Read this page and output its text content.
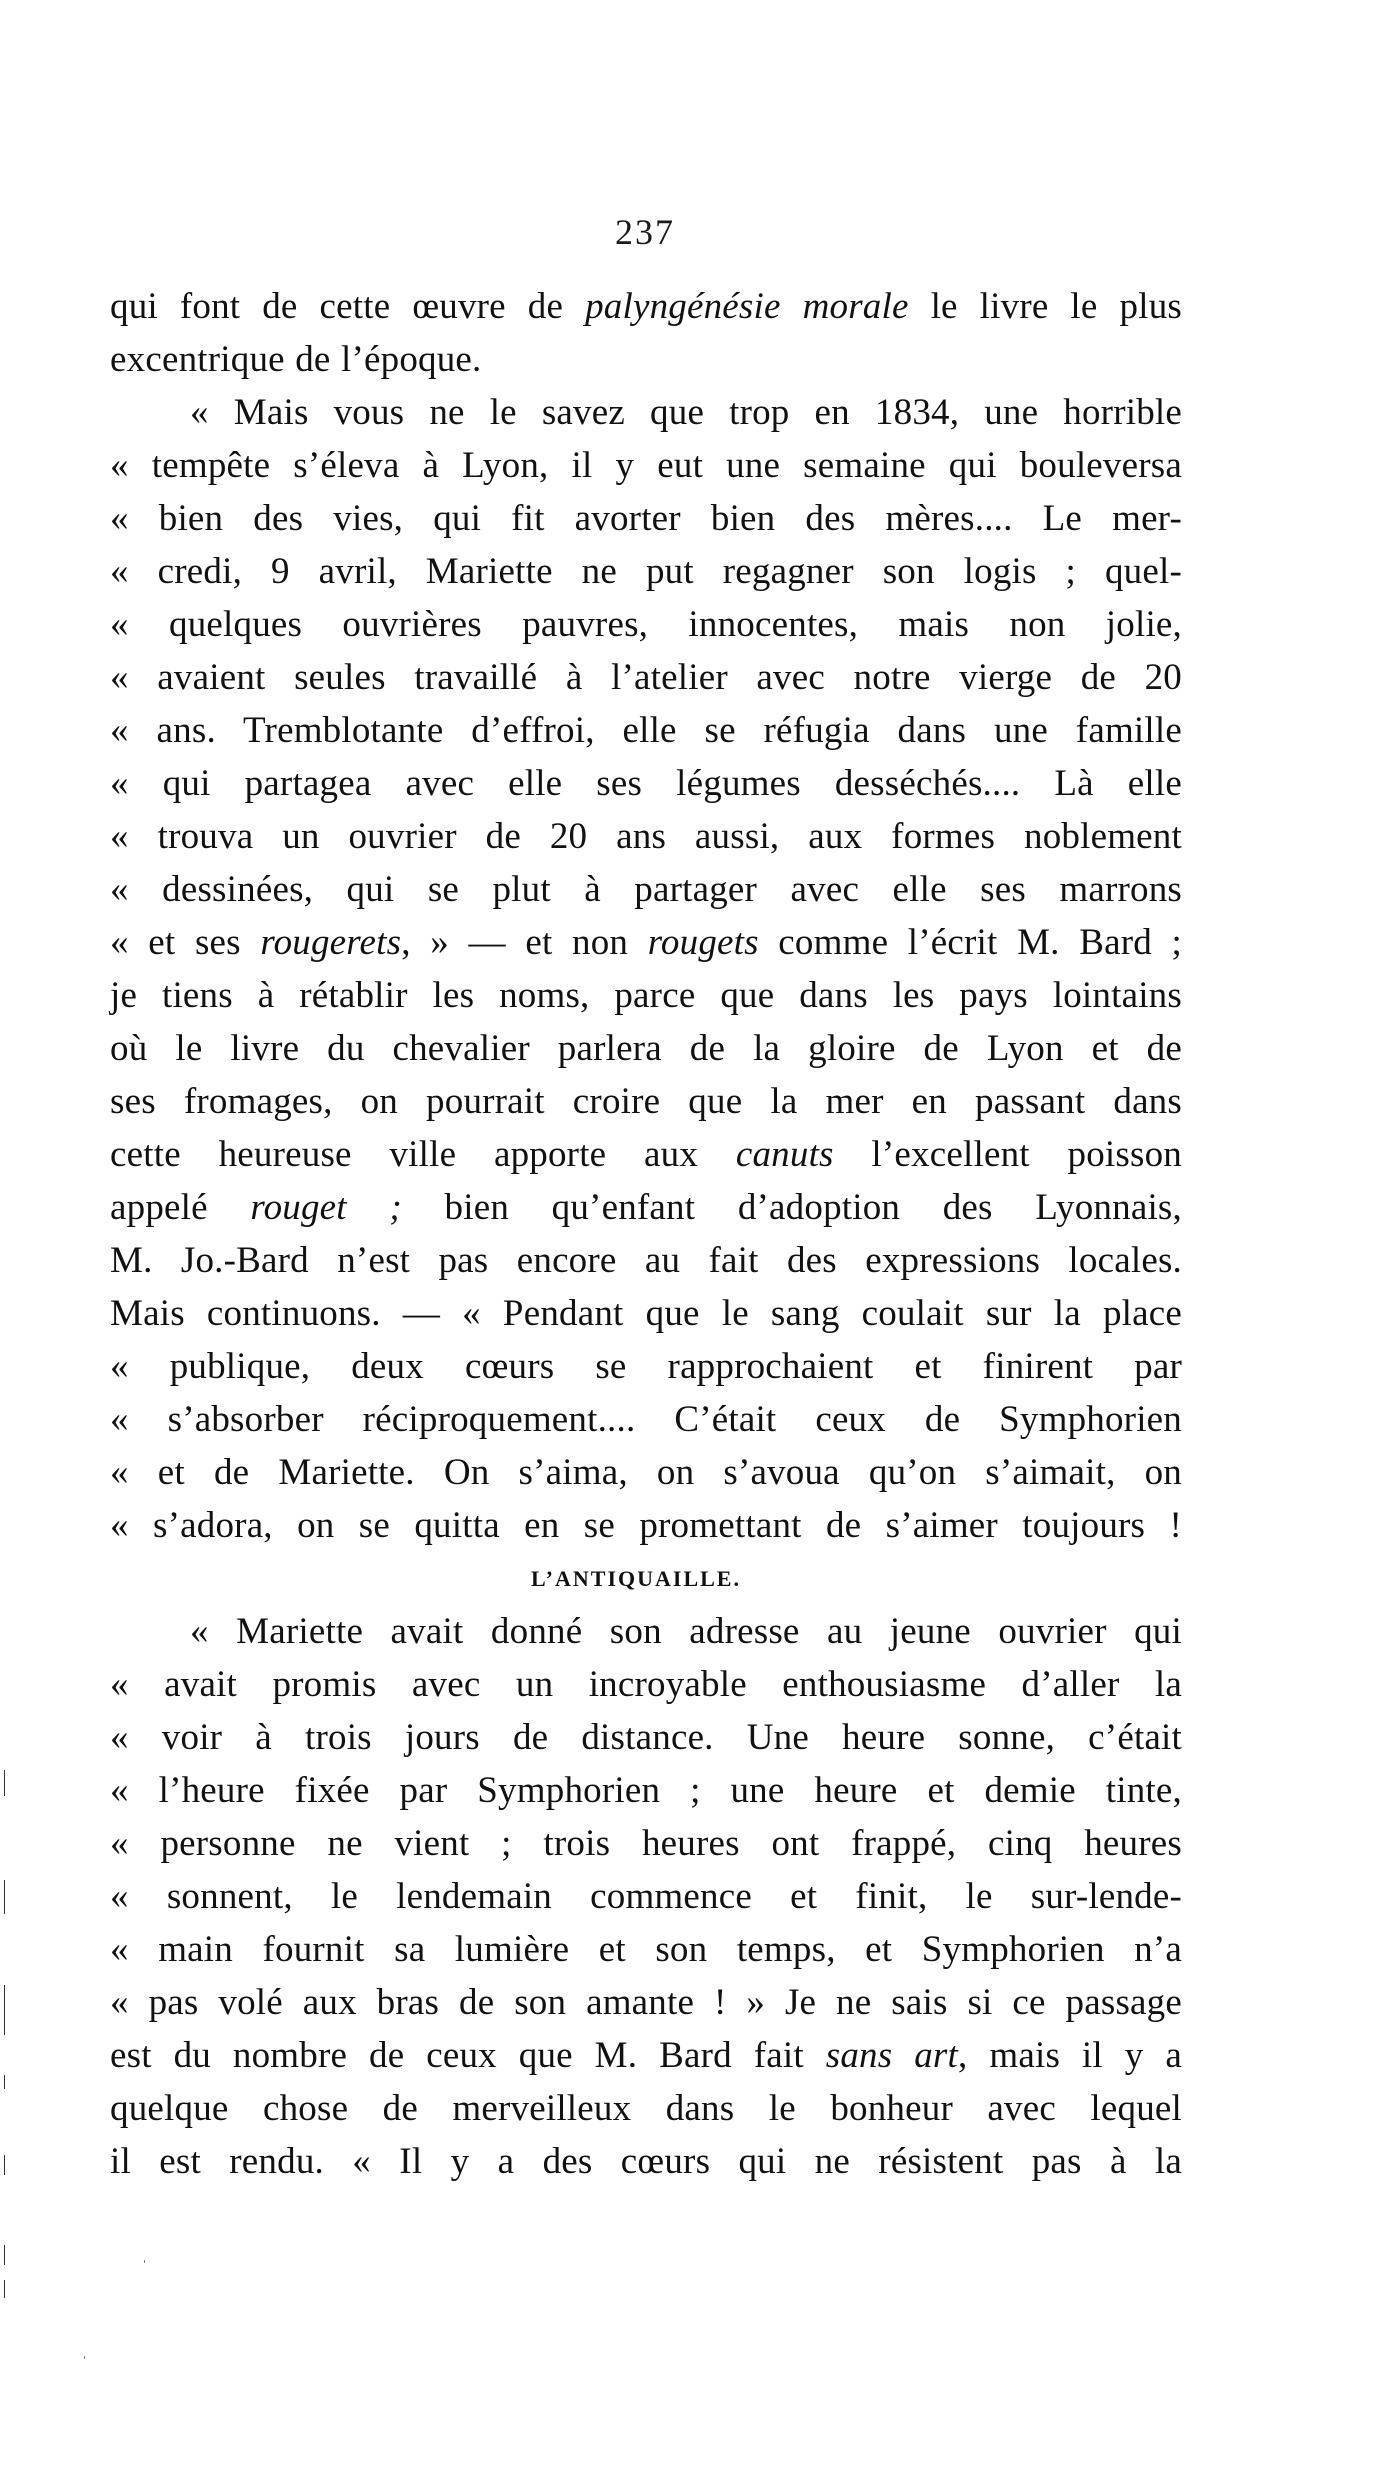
237
qui font de cette œuvre de palyngénésie morale le livre le plus
excentrique de l’époque.
« Mais vous ne le savez que trop en 1834, une horrible
« tempête s’éleva à Lyon, il y eut une semaine qui bouleversa
« bien des vies, qui fit avorter bien des mères.... Le mer-
« credi, 9 avril, Mariette ne put regagner son logis ; quel-
« quelques ouvrières pauvres, innocentes, mais non jolie,
« avaient seules travaillé à l’atelier avec notre vierge de 20
« ans. Tremblotante d’effroi, elle se réfugia dans une famille
« qui partagea avec elle ses légumes desséchés.... Là elle
« trouva un ouvrier de 20 ans aussi, aux formes noblement
« dessinées, qui se plut à partager avec elle ses marrons
« et ses rougerets, » — et non rougets comme l’écrit M. Bard ;
je tiens à rétablir les noms, parce que dans les pays lointains
où le livre du chevalier parlera de la gloire de Lyon et de
ses fromages, on pourrait croire que la mer en passant dans
cette heureuse ville apporte aux canuts l’excellent poisson
appelé rouget ; bien qu’enfant d’adoption des Lyonnais,
M. Jo.-Bard n’est pas encore au fait des expressions locales.
Mais continuons. — « Pendant que le sang coulait sur la place
« publique, deux cœurs se rapprochaient et finirent par
« s’absorber réciproquement.... C’était ceux de Symphorien
« et de Mariette. On s’aima, on s’avoua qu’on s’aimait, on
« s’adora, on se quitta en se promettant de s’aimer toujours !
L’ANTIQUAILLE.
« Mariette avait donné son adresse au jeune ouvrier qui
« avait promis avec un incroyable enthousiasme d’aller la
« voir à trois jours de distance. Une heure sonne, c’était
« l’heure fixée par Symphorien ; une heure et demie tinte,
« personne ne vient ; trois heures ont frappé, cinq heures
« sonnent, le lendemain commence et finit, le sur-lende-
« main fournit sa lumière et son temps, et Symphorien n’a
« pas volé aux bras de son amante ! » Je ne sais si ce passage
est du nombre de ceux que M. Bard fait sans art, mais il y a
quelque chose de merveilleux dans le bonheur avec lequel
il est rendu. « Il y a des cœurs qui ne résistent pas à la
